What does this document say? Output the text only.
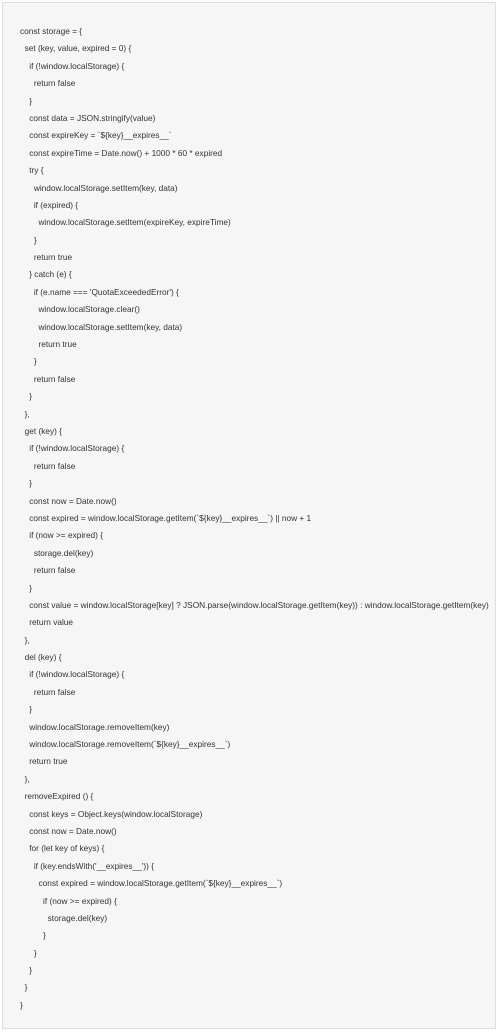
const storage = {
set (key, value, expired = 0) {
if (!window.localStorage) {
return false
}
const data = JSON.stringify(value)
const expireKey = `${key}__expires__`
const expireTime = Date.now() + 1000 * 60 * expired
try {
window.localStorage.setItem(key, data)
if (expired) {
window.localStorage.setItem(expireKey, expireTime)
}
return true
} catch (e) {
if (e.name === 'QuotaExceededError') {
window.localStorage.clear()
window.localStorage.setItem(key, data)
return true
}
return false
}
},
get (key) {
if (!window.localStorage) {
return false
}
const now = Date.now()
const expired = window.localStorage.getItem(`${key}__expires__`) || now + 1
if (now >= expired) {
storage.del(key)
return false
}
const value = window.localStorage[key] ? JSON.parse(window.localStorage.getItem(key)) : window.localStorage.getItem(key)
return value
},
del (key) {
if (!window.localStorage) {
return false
}
window.localStorage.removeItem(key)
window.localStorage.removeItem(`${key}__expires__`)
return true
},
removeExpired () {
const keys = Object.keys(window.localStorage)
const now = Date.now()
for (let key of keys) {
if (key.endsWith('__expires__')) {
const expired = window.localStorage.getItem(`${key}__expires__`)
if (now >= expired) {
storage.del(key)
}
}
}
}
}
